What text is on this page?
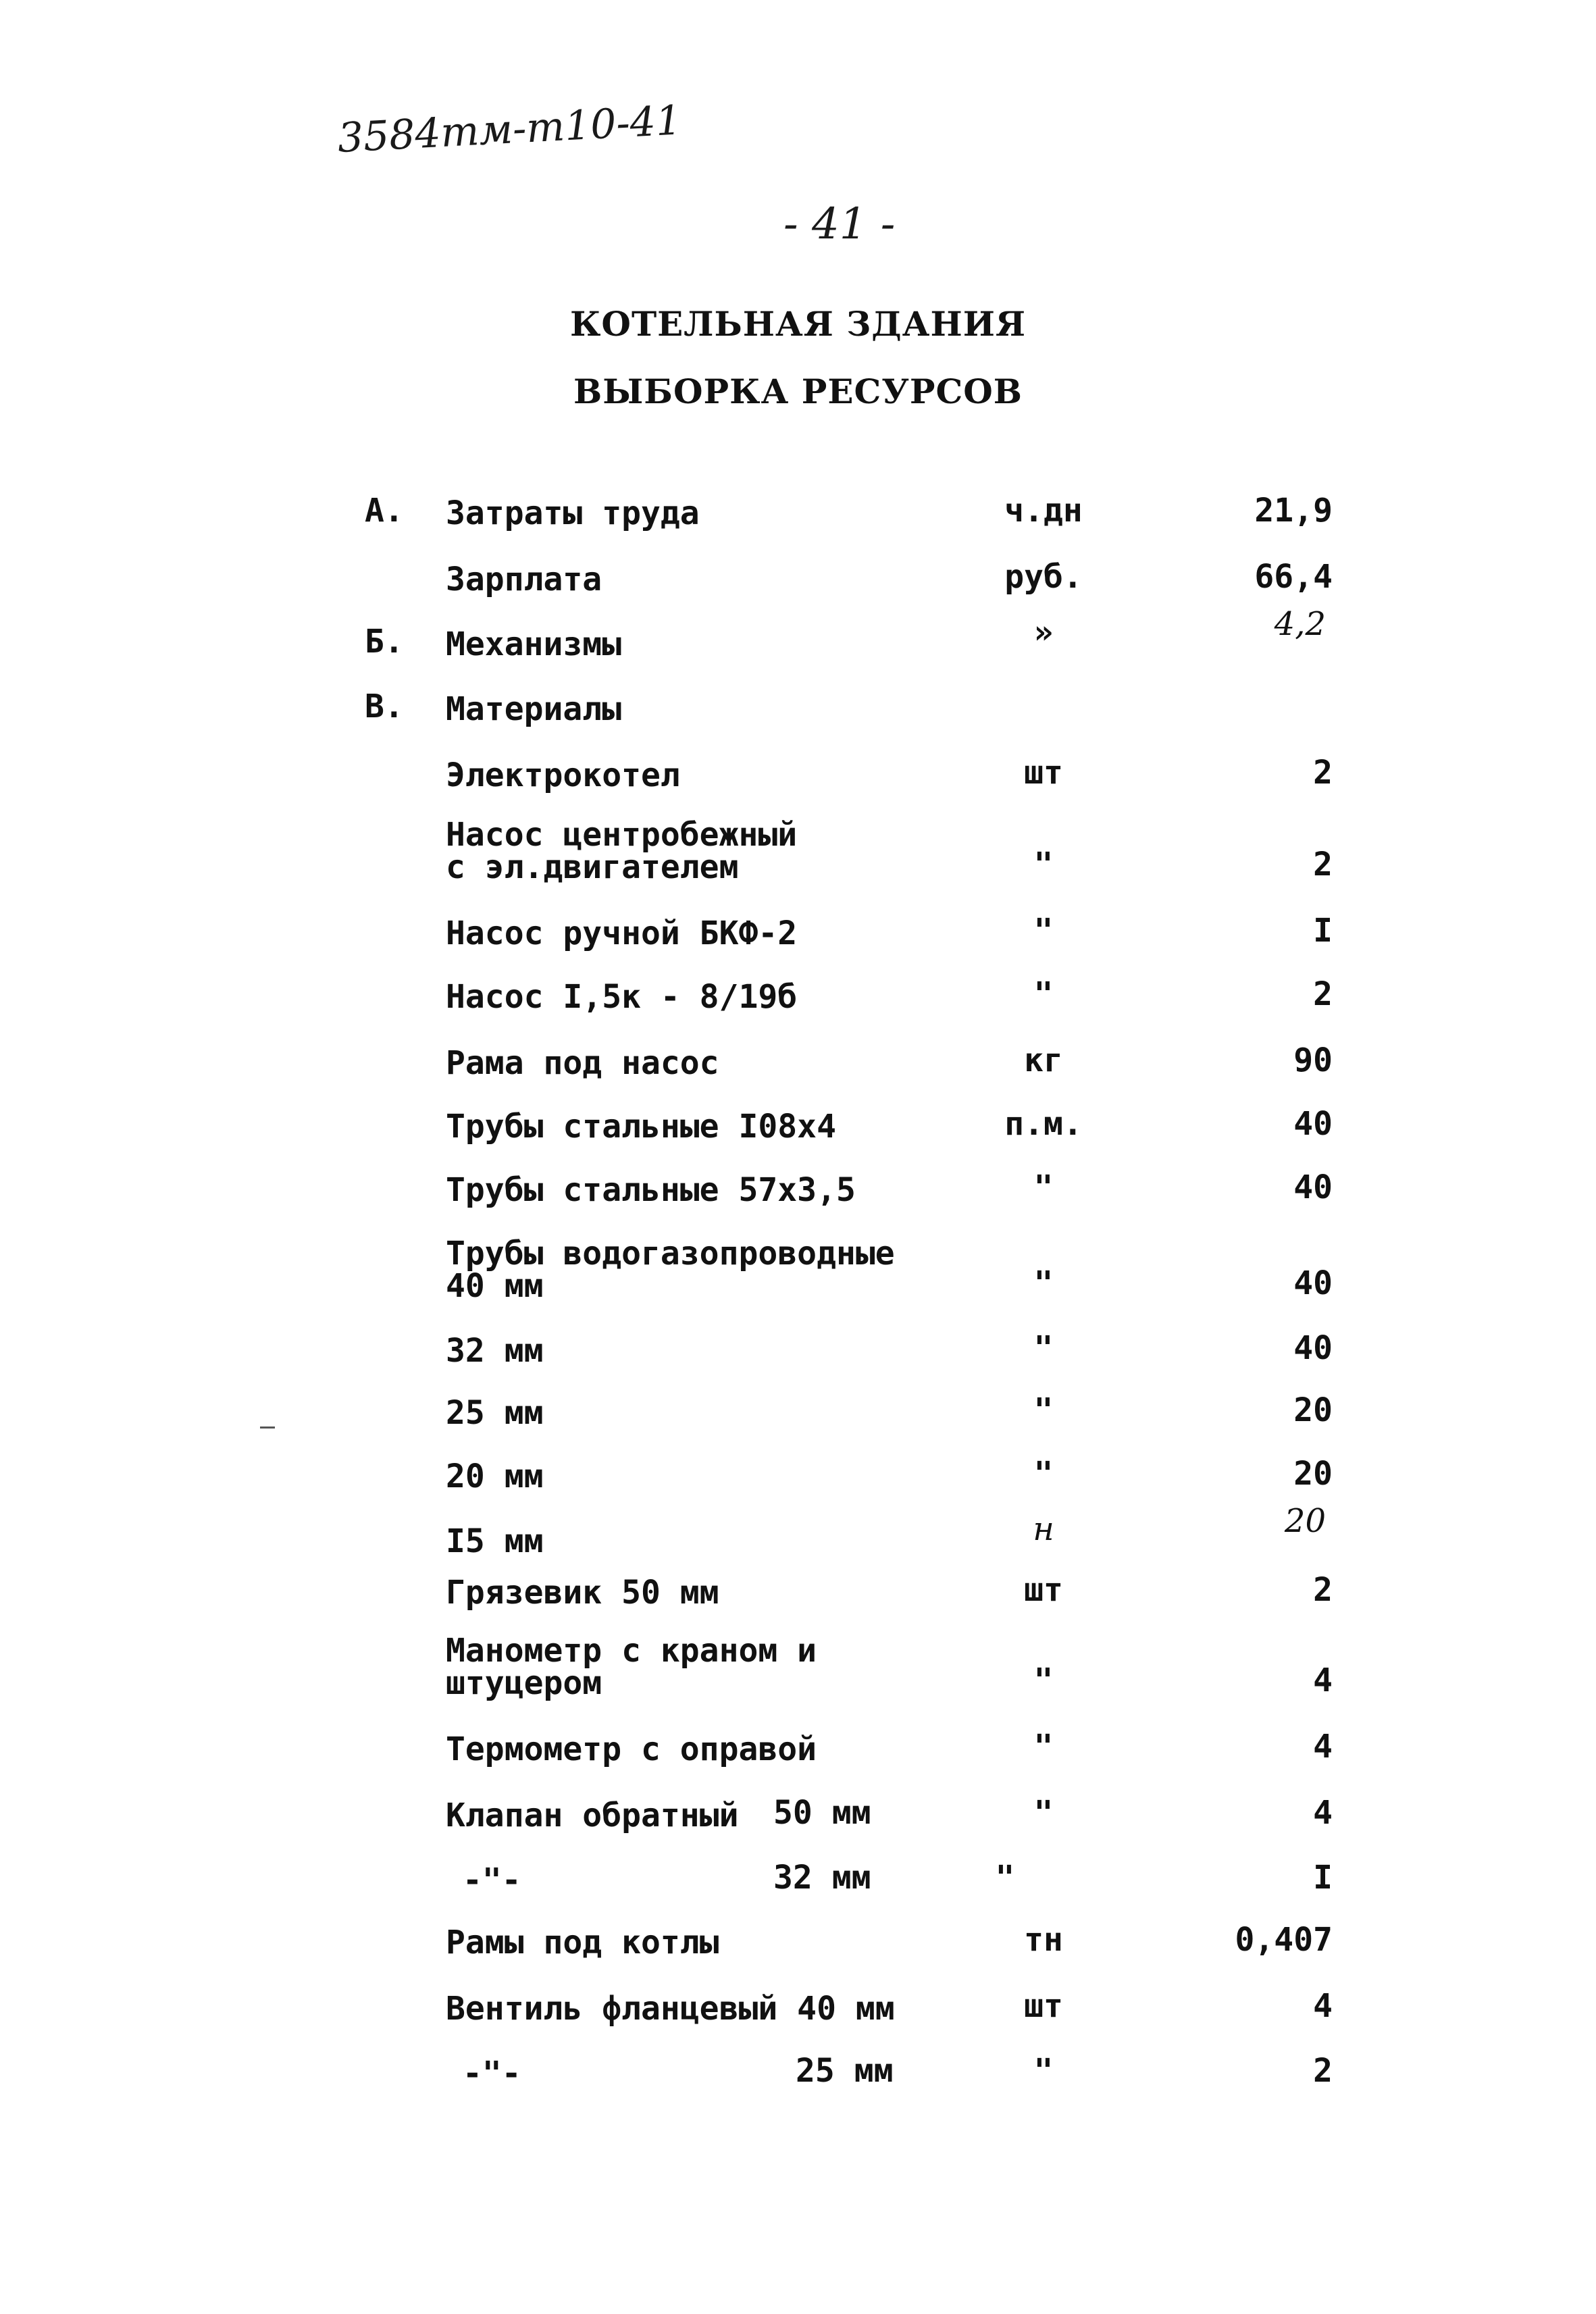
3584тм-т10-41
- 41 -
КОТЕЛЬНАЯ ЗДАНИЯ
ВЫБОРКА РЕСУРСОВ
А. Затраты труда	ч.дн	21,9
Зарплата	руб.	66,4
Б. Механизмы	»	4,2
В. Материалы
Электрокотел	шт	2
Насос центробежный
с эл.двигателем	"	2
Насос ручной БКФ-2	"	I
Насос I,5к - 8/19б	"	2
Рама под насос	кг	90
Трубы стальные I08х4	п.м.	40
Трубы стальные 57х3,5	"	40
Трубы водогазопроводные
40 мм	"	40
32 мм	"	40
25 мм	"	20
20 мм	"	20
I5 мм	н	20
Грязевик 50 мм	шт	2
Манометр с краном и
штуцером	"	4
Термометр с оправой	"	4
Клапан обратный 50 мм	"	4
-"-	32 мм	"	I
Рамы под котлы	тн	0,407
Вентиль фланцевый 40 мм	шт	4
-"-	25 мм	"	2
